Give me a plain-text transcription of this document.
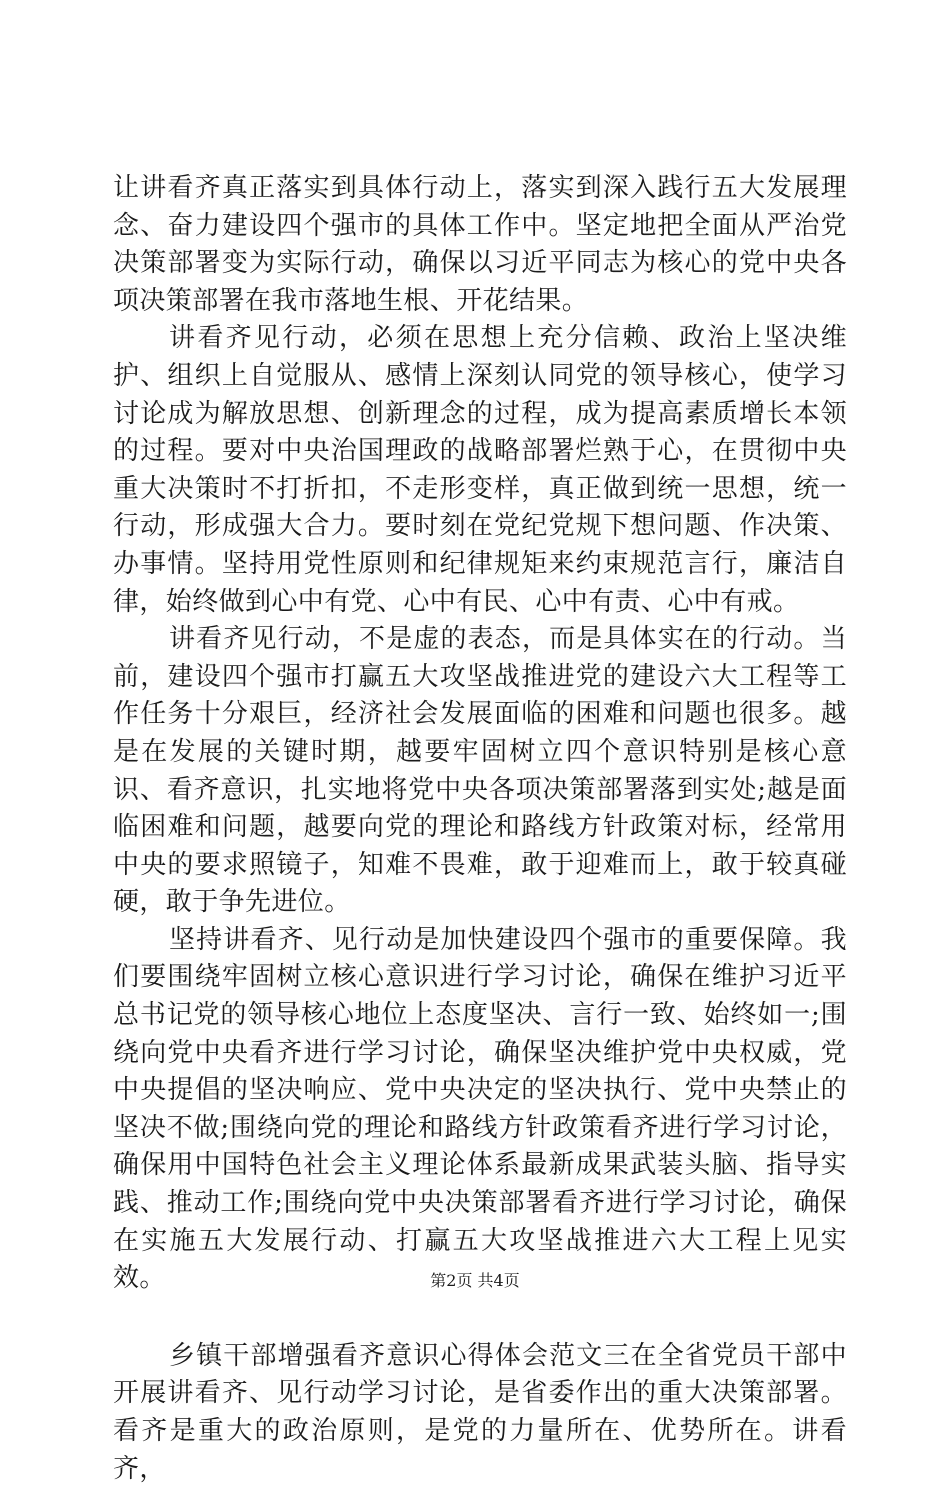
让讲看齐真正落实到具体行动上，落实到深入践行五大发展理念、奋力建设四个强市的具体工作中。坚定地把全面从严治党决策部署变为实际行动，确保以习近平同志为核心的党中央各项决策部署在我市落地生根、开花结果。

讲看齐见行动，必须在思想上充分信赖、政治上坚决维护、组织上自觉服从、感情上深刻认同党的领导核心，使学习讨论成为解放思想、创新理念的过程，成为提高素质增长本领的过程。要对中央治国理政的战略部署烂熟于心，在贯彻中央重大决策时不打折扣，不走形变样，真正做到统一思想，统一行动，形成强大合力。要时刻在党纪党规下想问题、作决策、办事情。坚持用党性原则和纪律规矩来约束规范言行，廉洁自律，始终做到心中有党、心中有民、心中有责、心中有戒。

讲看齐见行动，不是虚的表态，而是具体实在的行动。当前，建设四个强市打赢五大攻坚战推进党的建设六大工程等工作任务十分艰巨，经济社会发展面临的困难和问题也很多。越是在发展的关键时期，越要牢固树立四个意识特别是核心意识、看齐意识，扎实地将党中央各项决策部署落到实处;越是面临困难和问题，越要向党的理论和路线方针政策对标，经常用中央的要求照镜子，知难不畏难，敢于迎难而上，敢于较真碰硬，敢于争先进位。

坚持讲看齐、见行动是加快建设四个强市的重要保障。我们要围绕牢固树立核心意识进行学习讨论，确保在维护习近平总书记党的领导核心地位上态度坚决、言行一致、始终如一;围绕向党中央看齐进行学习讨论，确保坚决维护党中央权威，党中央提倡的坚决响应、党中央决定的坚决执行、党中央禁止的坚决不做;围绕向党的理论和路线方针政策看齐进行学习讨论，确保用中国特色社会主义理论体系最新成果武装头脑、指导实践、推动工作;围绕向党中央决策部署看齐进行学习讨论，确保在实施五大发展行动、打赢五大攻坚战推进六大工程上见实效。

乡镇干部增强看齐意识心得体会范文三在全省党员干部中开展讲看齐、见行动学习讨论，是省委作出的重大决策部署。看齐是重大的政治原则，是党的力量所在、优势所在。讲看齐，

第2页 共4页
